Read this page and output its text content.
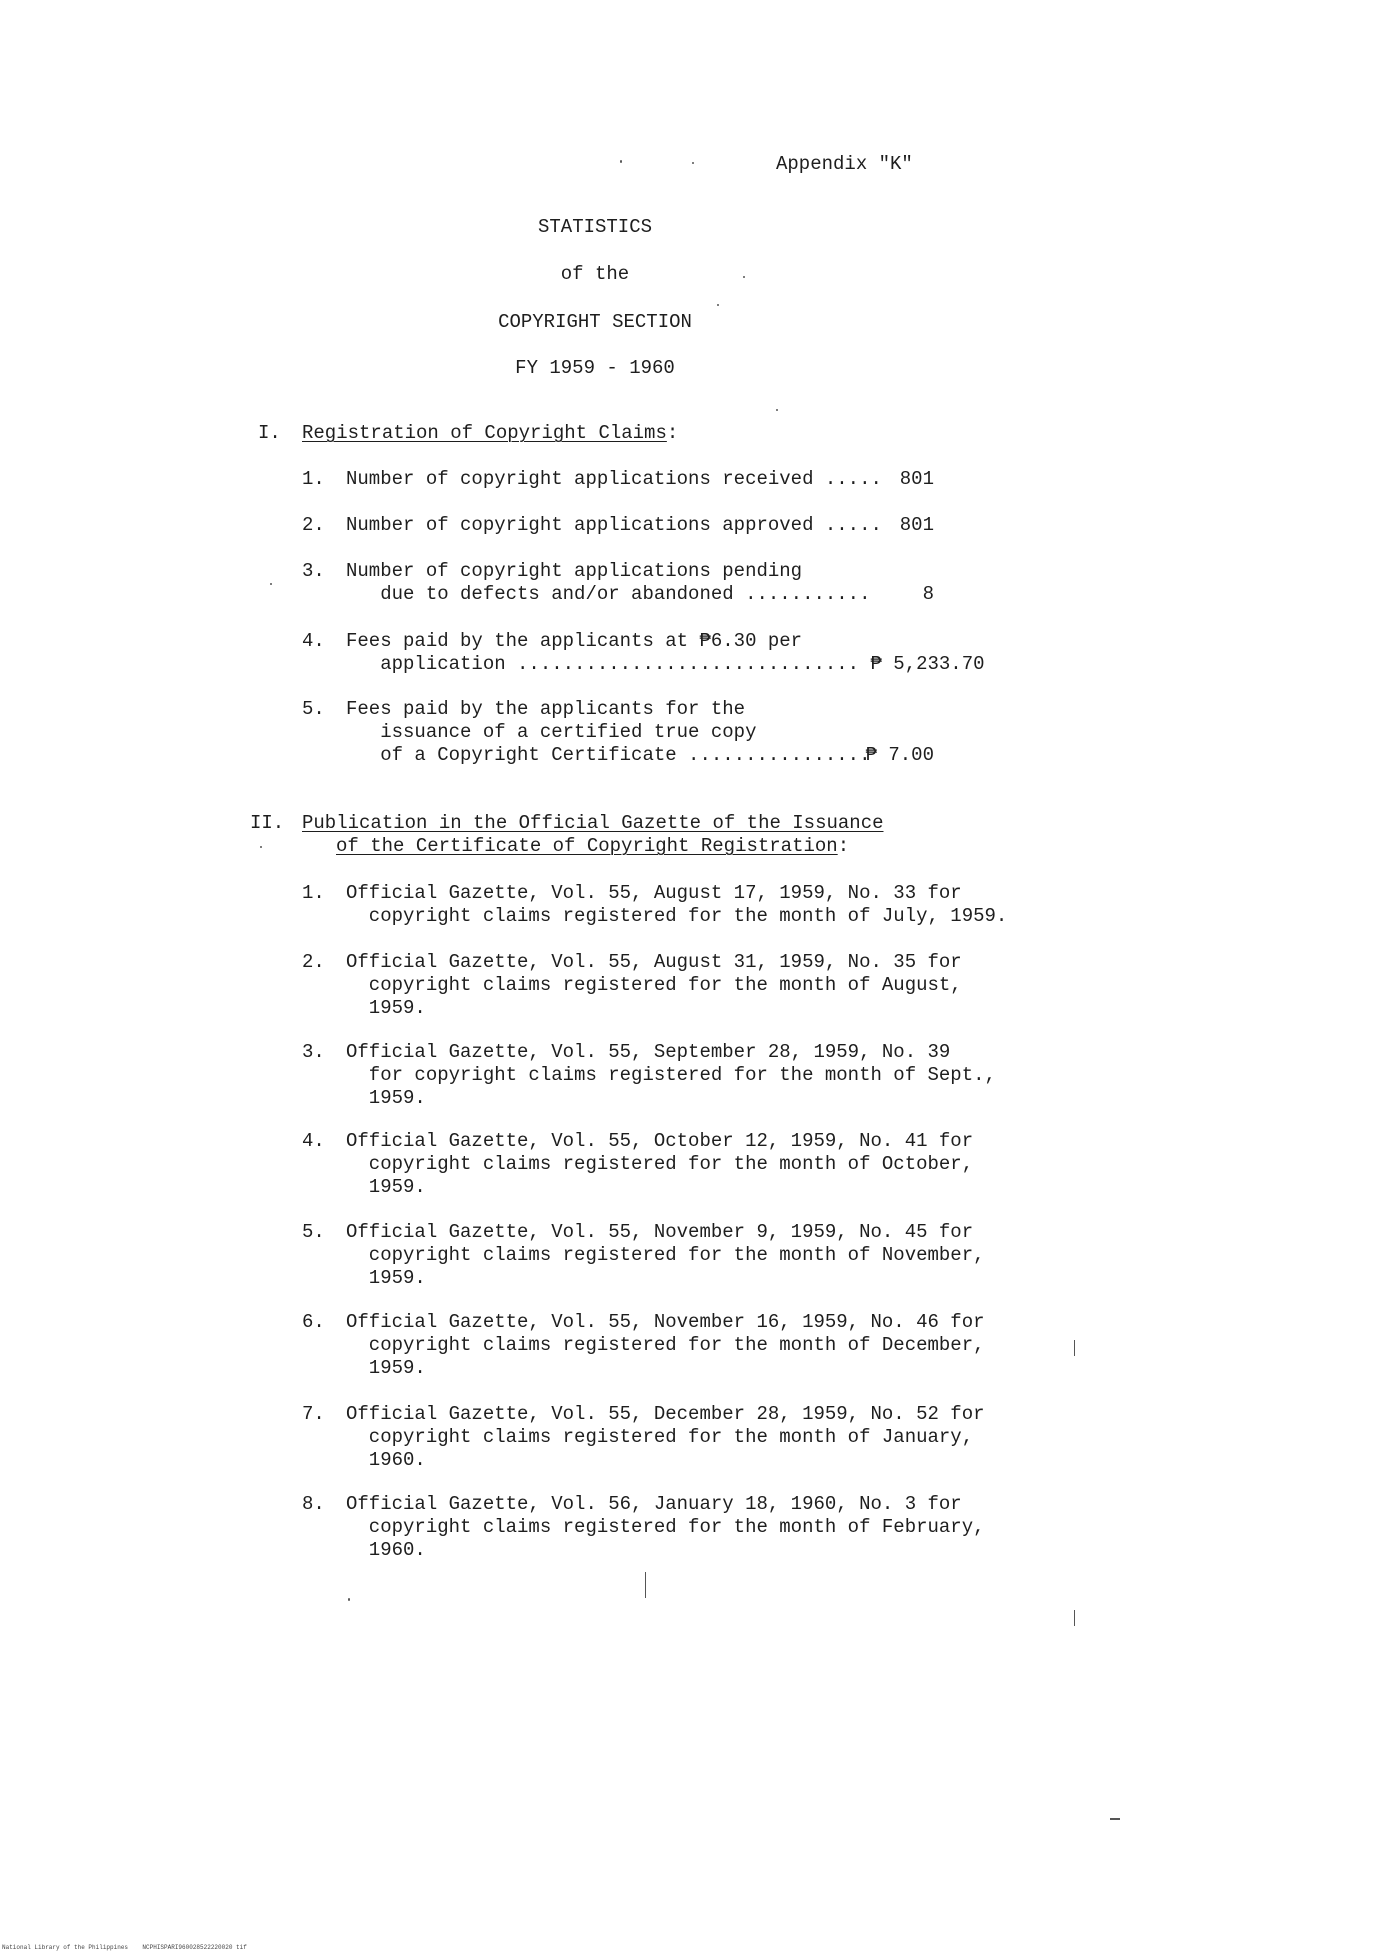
Appendix "K"
STATISTICS
of the
COPYRIGHT SECTION
FY 1959 - 1960
I. Registration of Copyright Claims:
1. Number of copyright applications received ..... 801
2. Number of copyright applications approved ..... 801
3. Number of copyright applications pending
due to defects and/or abandoned ...........	8
4. Fees paid by the applicants at ₱6.30 per
application .............................. ₱ 5,233.70
5. Fees paid by the applicants for the
issuance of a certified true copy
of a Copyright Certificate ................
₱ 7.00
II. Publication in the Official Gazette of the Issuance
of the Certificate of Copyright Registration:
1. Official Gazette, Vol. 55, August 17, 1959, No. 33 for
copyright claims registered for the month of July, 1959.
2. Official Gazette, Vol. 55, August 31, 1959, No. 35 for
copyright claims registered for the month of August,
1959.
3. Official Gazette, Vol. 55, September 28, 1959, No. 39
for copyright claims registered for the month of Sept.,
1959.
4. Official Gazette, Vol. 55, October 12, 1959, No. 41 for
copyright claims registered for the month of October,
1959.
5. Official Gazette, Vol. 55, November 9, 1959, No. 45 for
copyright claims registered for the month of November,
1959.
6. Official Gazette, Vol. 55, November 16, 1959, No. 46 for
copyright claims registered for the month of December,
1959.
7. Official Gazette, Vol. 55, December 28, 1959, No. 52 for
copyright claims registered for the month of January,
1960.
8. Official Gazette, Vol. 56, January 18, 1960, No. 3 for
copyright claims registered for the month of February,
1960.
National Library of the Philippines    NCPHISPARI960028522220020 tif
